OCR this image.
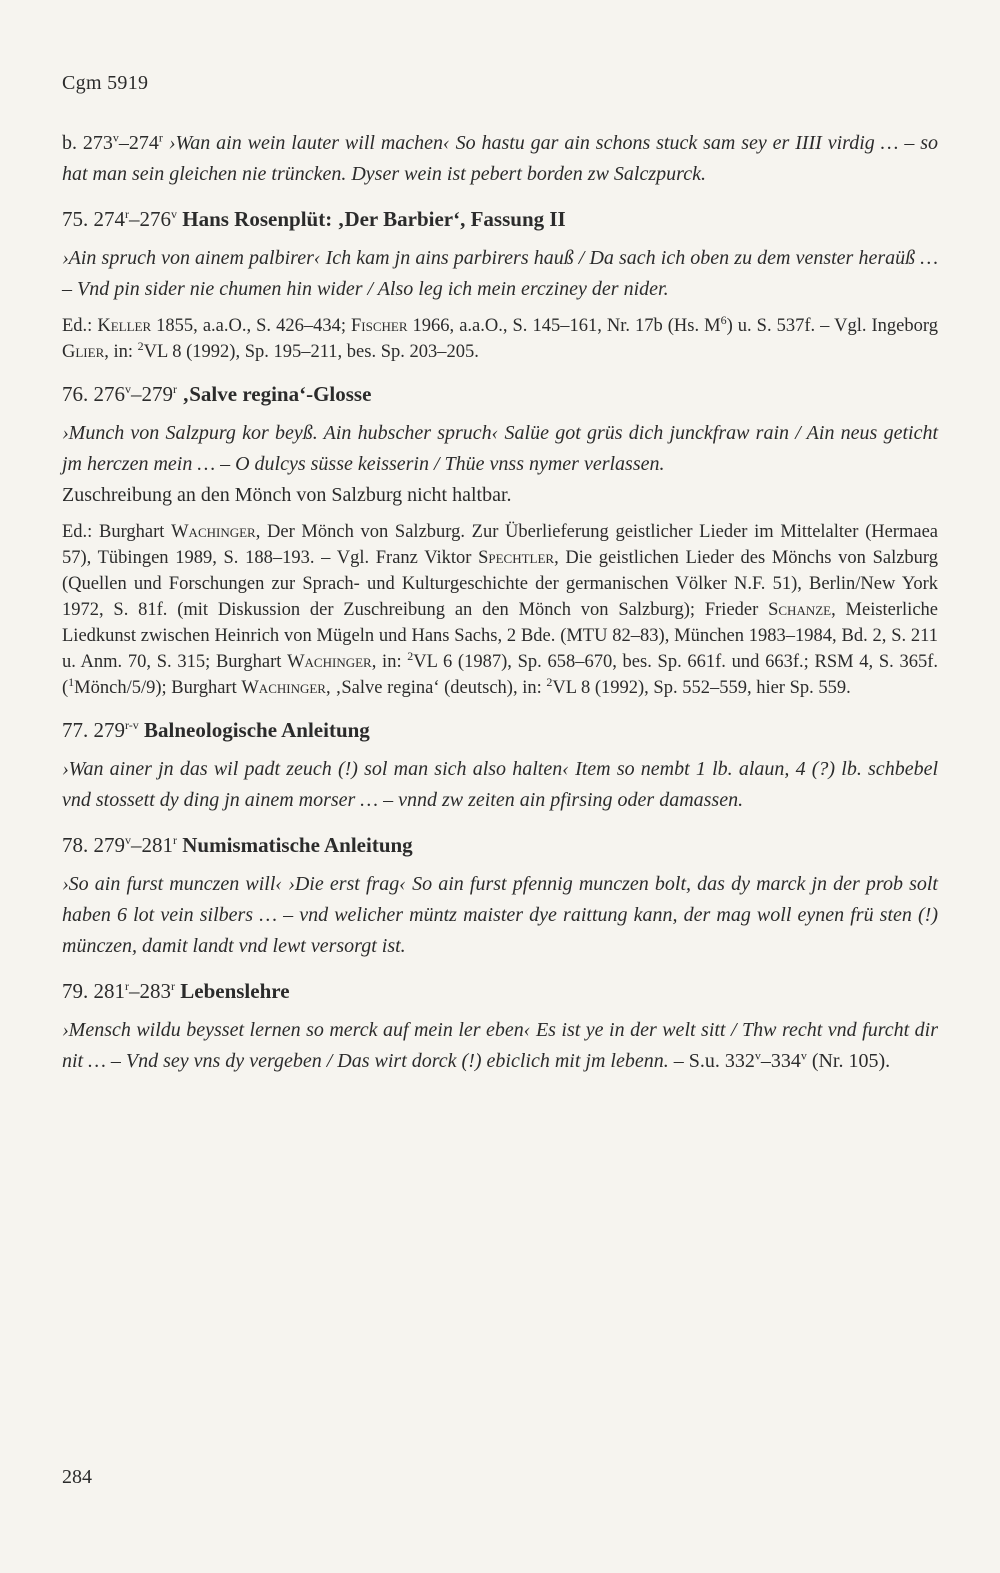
Cgm 5919

b. 273$^v$–274$^r$ ›Wan ain wein lauter will machen‹ So hastu gar ain schons stuck sam sey er IIII virdig … – so hat man sein gleichen nie trüncken. Dyser wein ist pebert borden zw Salczpurck.

75. 274$^r$–276$^v$ Hans Rosenplüt: ‚Der Barbier‘, Fassung II

›Ain spruch von ainem palbirer‹ Ich kam jn ains parbirers hauß / Da sach ich oben zu dem venster heraüß … – Vnd pin sider nie chumen hin wider / Also leg ich mein ercziney der nider.

Ed.: Keller 1855, a.a.O., S. 426–434; Fischer 1966, a.a.O., S. 145–161, Nr. 17b (Hs. $M^6$) u. S. 537f. – Vgl. Ingeborg Glier, in: $^2$VL 8 (1992), Sp. 195–211, bes. Sp. 203–205.

76. 276$^v$–279$^r$ ‚Salve regina‘-Glosse

›Munch von Salzpurg kor beyß. Ain hubscher spruch‹ Salüe got grüs dich junckfraw rain / Ain neus geticht jm herczen mein … – O dulcys süsse keisserin / Thüe vnss nymer verlassen.

Zuschreibung an den Mönch von Salzburg nicht haltbar.

Ed.: Burghart Wachinger, Der Mönch von Salzburg. Zur Überlieferung geistlicher Lieder im Mittelalter (Hermaea 57), Tübingen 1989, S. 188–193. – Vgl. Franz Viktor Spechtler, Die geistlichen Lieder des Mönchs von Salzburg (Quellen und Forschungen zur Sprach- und Kulturgeschichte der germanischen Völker N.F. 51), Berlin/New York 1972, S. 81f. (mit Diskussion der Zuschreibung an den Mönch von Salzburg); Frieder Schanze, Meisterliche Liedkunst zwischen Heinrich von Mügeln und Hans Sachs, 2 Bde. (MTU 82–83), München 1983–1984, Bd. 2, S. 211 u. Anm. 70, S. 315; Burghart Wachinger, in: $^2$VL 6 (1987), Sp. 658–670, bes. Sp. 661f. und 663f.; RSM 4, S. 365f. ($^1$Mönch/5/9); Burghart Wachinger, ‚Salve regina‘ (deutsch), in: $^2$VL 8 (1992), Sp. 552–559, hier Sp. 559.

77. 279$^{r-v}$ Balneologische Anleitung

›Wan ainer jn das wil padt zeuch (!) sol man sich also halten‹ Item so nembt 1 lb. alaun, 4 (?) lb. schbebel vnd stossett dy ding jn ainem morser … – vnnd zw zeiten ain pfirsing oder damassen.

78. 279$^v$–281$^r$ Numismatische Anleitung

›So ain furst munczen will‹ ›Die erst frag‹ So ain furst pfennig munczen bolt, das dy marck jn der prob solt haben 6 lot vein silbers … – vnd welicher müntz maister dye raittung kann, der mag woll eynen frü sten (!) münczen, damit landt vnd lewt versorgt ist.

79. 281$^r$–283$^r$ Lebenslehre

›Mensch wildu beysset lernen so merck auf mein ler eben‹ Es ist ye in der welt sitt / Thw recht vnd furcht dir nit … – Vnd sey vns dy vergeben / Das wirt dorck (!) ebiclich mit jm lebenn. – S.u. 332$^v$–334$^v$ (Nr. 105).

284
